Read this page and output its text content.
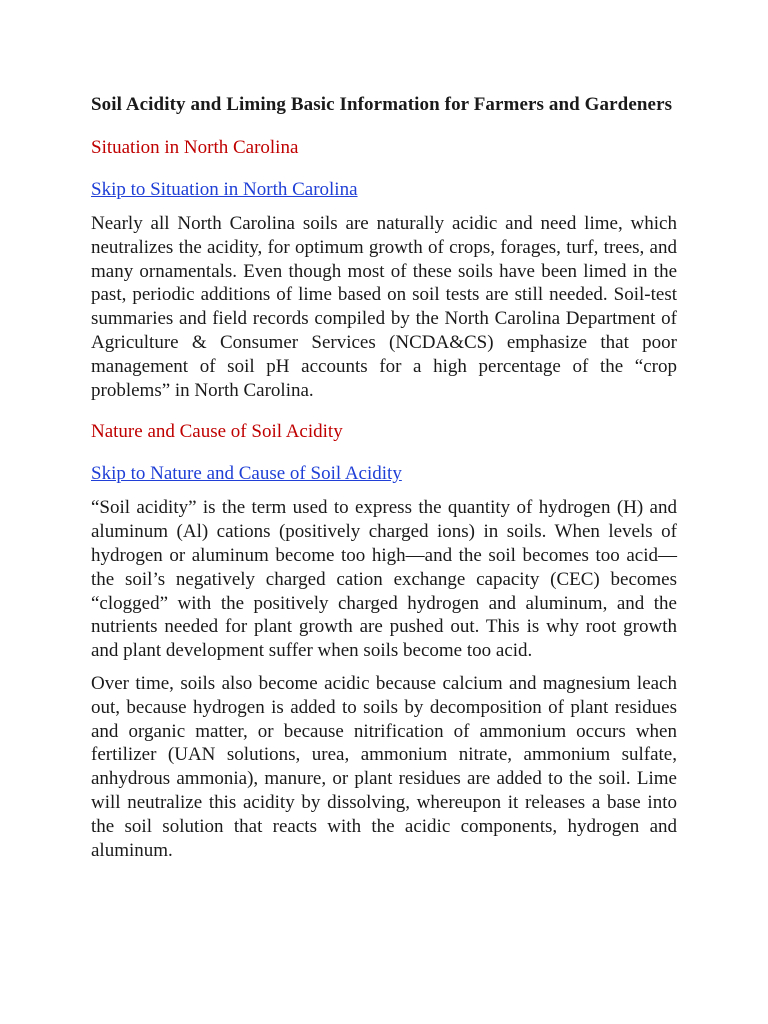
Soil Acidity and Liming Basic Information for Farmers and Gardeners
Situation in North Carolina
Skip to Situation in North Carolina

Nearly all North Carolina soils are naturally acidic and need lime, which neutralizes the acidity, for optimum growth of crops, forages, turf, trees, and many ornamentals. Even though most of these soils have been limed in the past, periodic additions of lime based on soil tests are still needed. Soil-test summaries and field records compiled by the North Carolina Department of Agriculture & Consumer Services (NCDA&CS) emphasize that poor management of soil pH accounts for a high percentage of the “crop problems” in North Carolina.

Nature and Cause of Soil Acidity
Skip to Nature and Cause of Soil Acidity

“Soil acidity” is the term used to express the quantity of hydrogen (H) and aluminum (Al) cations (positively charged ions) in soils. When levels of hydrogen or aluminum become too high—and the soil becomes too acid—the soil’s negatively charged cation exchange capacity (CEC) becomes “clogged” with the positively charged hydrogen and aluminum, and the nutrients needed for plant growth are pushed out. This is why root growth and plant development suffer when soils become too acid.

Over time, soils also become acidic because calcium and magnesium leach out, because hydrogen is added to soils by decomposition of plant residues and organic matter, or because nitrification of ammonium occurs when fertilizer (UAN solutions, urea, ammonium nitrate, ammonium sulfate, anhydrous ammonia), manure, or plant residues are added to the soil. Lime will neutralize this acidity by dissolving, whereupon it releases a base into the soil solution that reacts with the acidic components, hydrogen and aluminum.
